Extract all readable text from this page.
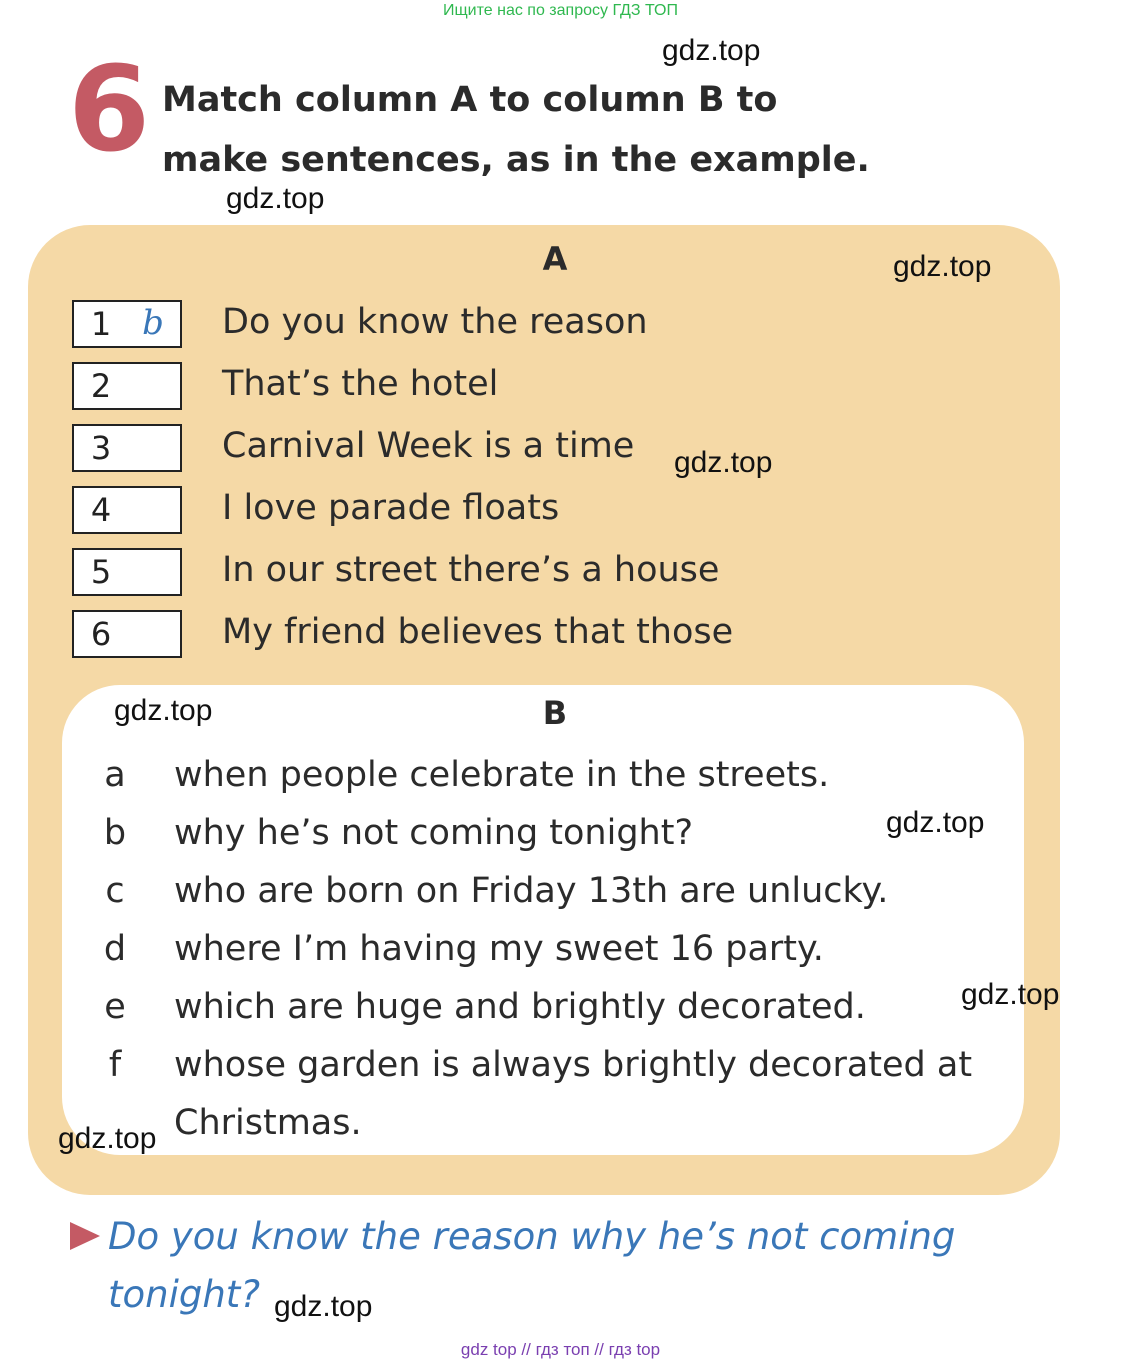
Ищите нас по запросу ГДЗ ТОП
6 Match column A to column B to make sentences, as in the example.
A
1 b	Do you know the reason
2	That’s the hotel
3	Carnival Week is a time
4	I love parade floats
5	In our street there’s a house
6	My friend believes that those
B
a when people celebrate in the streets.
b why he’s not coming tonight?
c who are born on Friday 13th are unlucky.
d where I’m having my sweet 16 party.
e which are huge and brightly decorated.
f whose garden is always brightly decorated at Christmas.
Do you know the reason why he’s not coming tonight?
gdz.top
gdz.top
gdz.top
gdz.top
gdz.top
gdz.top
gdz.top
gdz.top
gdz.top
gdz top // гдз топ // гдз top
